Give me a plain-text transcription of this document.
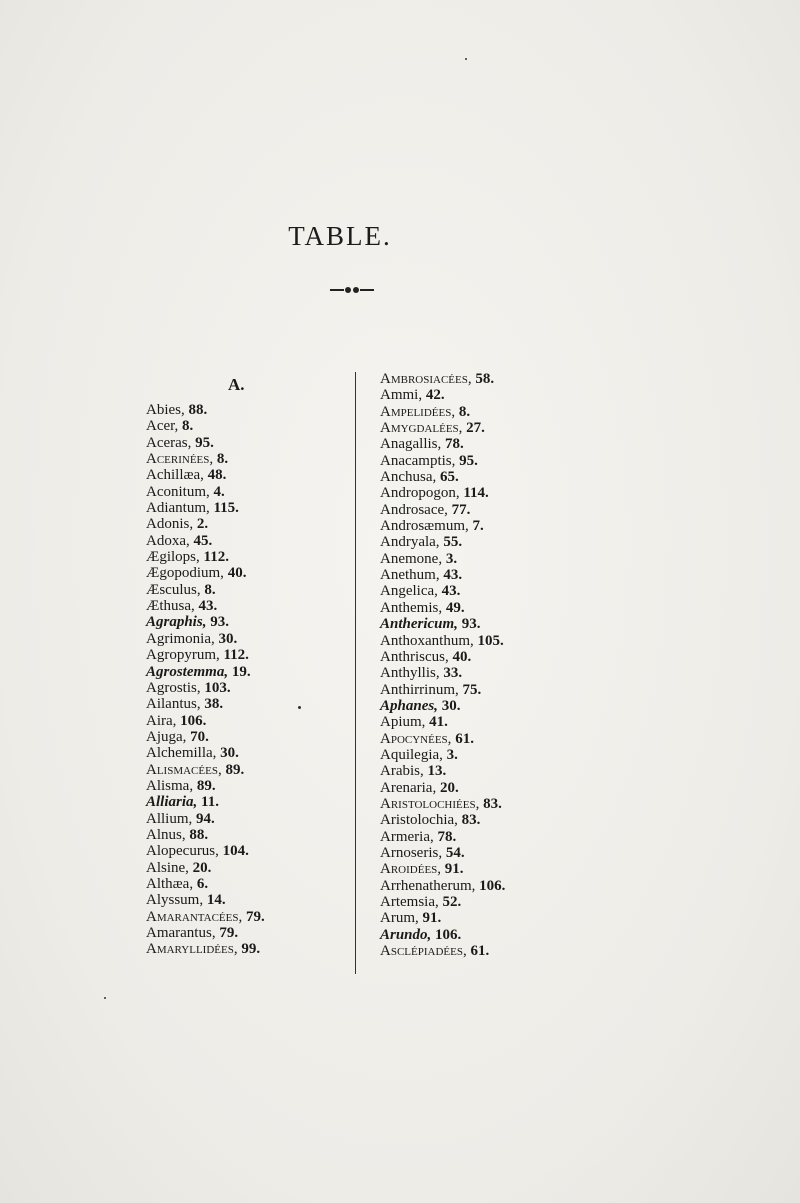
TABLE.
A.
Abies, 88.
Acer, 8.
Aceras, 95.
Acerinées, 8.
Achillæa, 48.
Aconitum, 4.
Adiantum, 115.
Adonis, 2.
Adoxa, 45.
Ægilops, 112.
Ægopodium, 40.
Æsculus, 8.
Æthusa, 43.
Agraphis, 93.
Agrimonia, 30.
Agropyrum, 112.
Agrostemma, 19.
Agrostis, 103.
Ailantus, 38.
Aira, 106.
Ajuga, 70.
Alchemilla, 30.
Alismacées, 89.
Alisma, 89.
Alliaria, 11.
Allium, 94.
Alnus, 88.
Alopecurus, 104.
Alsine, 20.
Althæa, 6.
Alyssum, 14.
Amarantacées, 79.
Amarantus, 79.
Amaryllidées, 99.
Ambrosiacées, 58.
Ammi, 42.
Ampelidées, 8.
Amygdalées, 27.
Anagallis, 78.
Anacamptis, 95.
Anchusa, 65.
Andropogon, 114.
Androsace, 77.
Androsæmum, 7.
Andryala, 55.
Anemone, 3.
Anethum, 43.
Angelica, 43.
Anthemis, 49.
Anthericum, 93.
Anthoxanthum, 105.
Anthriscus, 40.
Anthyllis, 33.
Anthirrinum, 75.
Aphanes, 30.
Apium, 41.
Apocynées, 61.
Aquilegia, 3.
Arabis, 13.
Arenaria, 20.
Aristolochiées, 83.
Aristolochia, 83.
Armeria, 78.
Arnoseris, 54.
Aroidées, 91.
Arrhenatherum, 106.
Artemsia, 52.
Arum, 91.
Arundo, 106.
Asclépiadées, 61.
